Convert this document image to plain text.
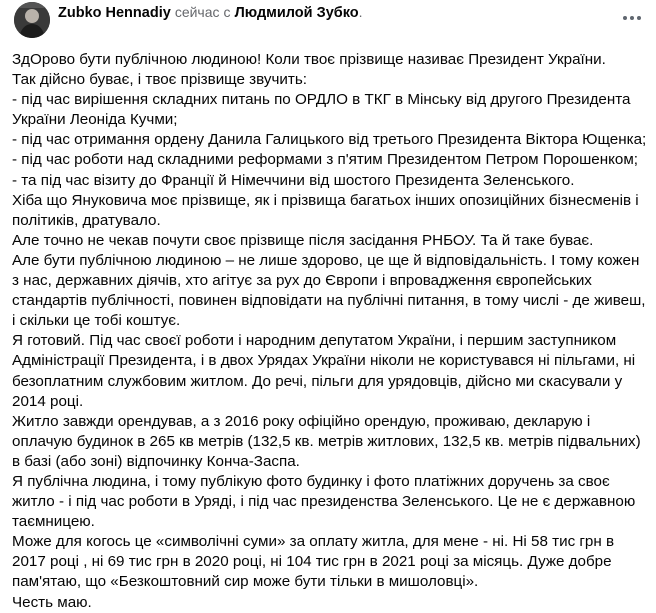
Zubko Hennadiy сейчас с Людмилой Зубко.

ЗдОрово бути публічною людиною! Коли твоє прізвище називає Президент України.

Так дійсно буває, і твоє прізвище звучить:

- під час вирішення складних питань по ОРДЛО в ТКГ в Мінську від другого Президента України Леоніда Кучми;

- під час отримання ордену Данила Галицького від третього Президента Віктора Ющенка;

- під час роботи над складними реформами з п'ятим Президентом Петром Порошенком;

- та під час візиту до Франції й Німеччини від шостого Президента Зеленського.

Хіба що Януковича моє прізвище, як і прізвища багатьох інших опозиційних бізнесменів і політиків, дратувало.

Але точно не чекав почути своє прізвище після засідання РНБОУ. Та й таке буває.

Але бути публічною людиною – не лише здорово, це ще й відповідальність. І тому кожен з нас, державних діячів, хто агітує за рух до Європи і впровадження європейських стандартів публічності, повинен відповідати на публічні питання, в тому числі - де живеш, і скільки це тобі коштує.

Я готовий. Під час своєї роботи і народним депутатом України, і першим заступником Адміністрації Президента, і в двох Урядах України ніколи не користувався ні пільгами, ні безоплатним службовим житлом. До речі, пільги для урядовців, дійсно ми скасували у 2014 році.

Житло завжди орендував, а з 2016 року офіційно орендую, проживаю, декларую і оплачую будинок в 265 кв метрів (132,5 кв. метрів житлових, 132,5 кв. метрів підвальних) в базі (або зоні) відпочинку Конча-Заспа.

Я публічна людина, і тому публікую фото будинку і фото платіжних доручень за своє житло - і під час роботи в Уряді, і під час президенства Зеленського. Це не є державною таємницею.

Може для когось це «символічні суми» за оплату житла, для мене - ні. Ні 58 тис грн в 2017 році , ні 69 тис грн в 2020 році, ні 104 тис грн в 2021 році за місяць. Дуже добре пам'ятаю, що «Безкоштовний сир може бути тільки в мишоловці».

Честь маю.
